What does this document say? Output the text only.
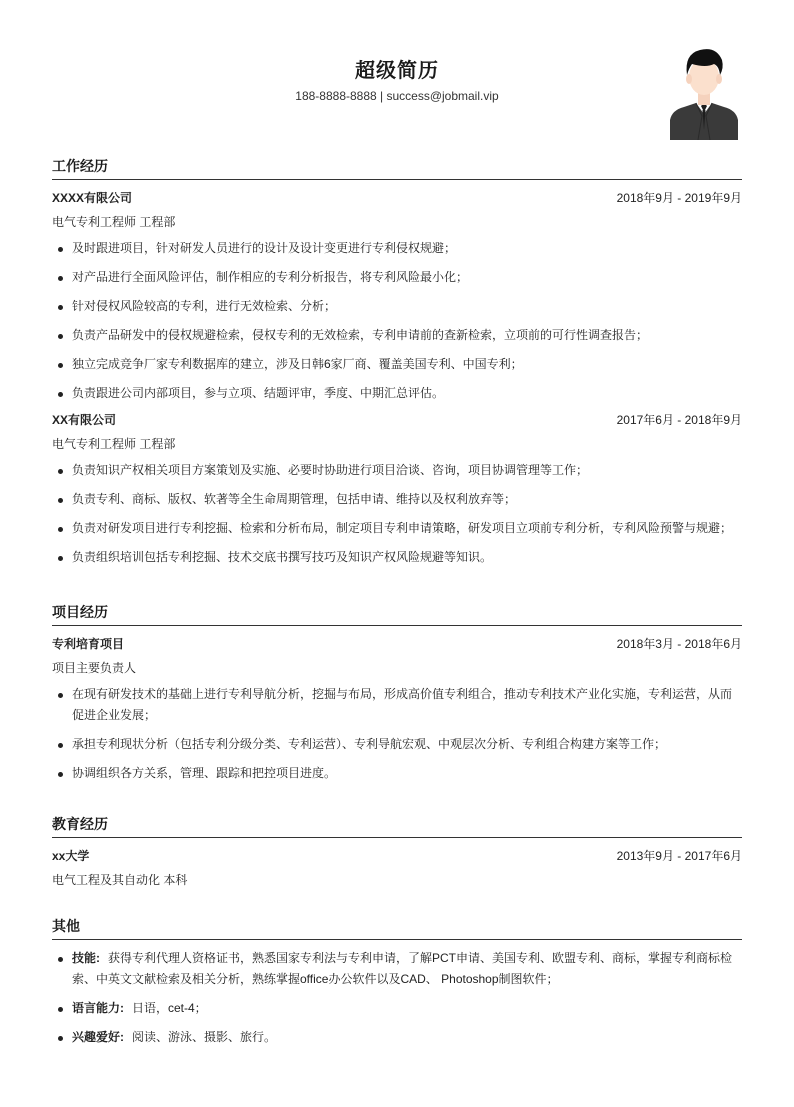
超级简历
188-8888-8888 | success@jobmail.vip
工作经历
XXXX有限公司	2018年9月 - 2019年9月
电气专利工程师 工程部
及时跟进项目，针对研发人员进行的设计及设计变更进行专利侵权规避；
对产品进行全面风险评估，制作相应的专利分析报告，将专利风险最小化；
针对侵权风险较高的专利，进行无效检索、分析；
负责产品研发中的侵权规避检索，侵权专利的无效检索，专利申请前的查新检索，立项前的可行性调查报告；
独立完成竞争厂家专利数据库的建立，涉及日韩6家厂商、覆盖美国专利、中国专利；
负责跟进公司内部项目，参与立项、结题评审，季度、中期汇总评估。
XX有限公司	2017年6月 - 2018年9月
电气专利工程师 工程部
负责知识产权相关项目方案策划及实施、必要时协助进行项目洽谈、咨询，项目协调管理等工作；
负责专利、商标、版权、软著等全生命周期管理，包括申请、维持以及权利放弃等；
负责对研发项目进行专利挖掘、检索和分析布局，制定项目专利申请策略，研发项目立项前专利分析，专利风险预警与规避；
负责组织培训包括专利挖掘、技术交底书撰写技巧及知识产权风险规避等知识。
项目经历
专利培育项目	2018年3月 - 2018年6月
项目主要负责人
在现有研发技术的基础上进行专利导航分析，挖掘与布局，形成高价值专利组合，推动专利技术产业化实施，专利运营，从而促进企业发展；
承担专利现状分析（包括专利分级分类、专利运营）、专利导航宏观、中观层次分析、专利组合构建方案等工作；
协调组织各方关系，管理、跟踪和把控项目进度。
教育经历
xx大学	2013年9月 - 2017年6月
电气工程及其自动化 本科
其他
技能: 获得专利代理人资格证书，熟悉国家专利法与专利申请，了解PCT申请、美国专利、欧盟专利、商标，掌握专利商标检索、中英文文献检索及相关分析，熟练掌握office办公软件以及CAD、 Photoshop制图软件；
语言能力: 日语，cet-4；
兴趣爱好: 阅读、游泳、摄影、旅行。
